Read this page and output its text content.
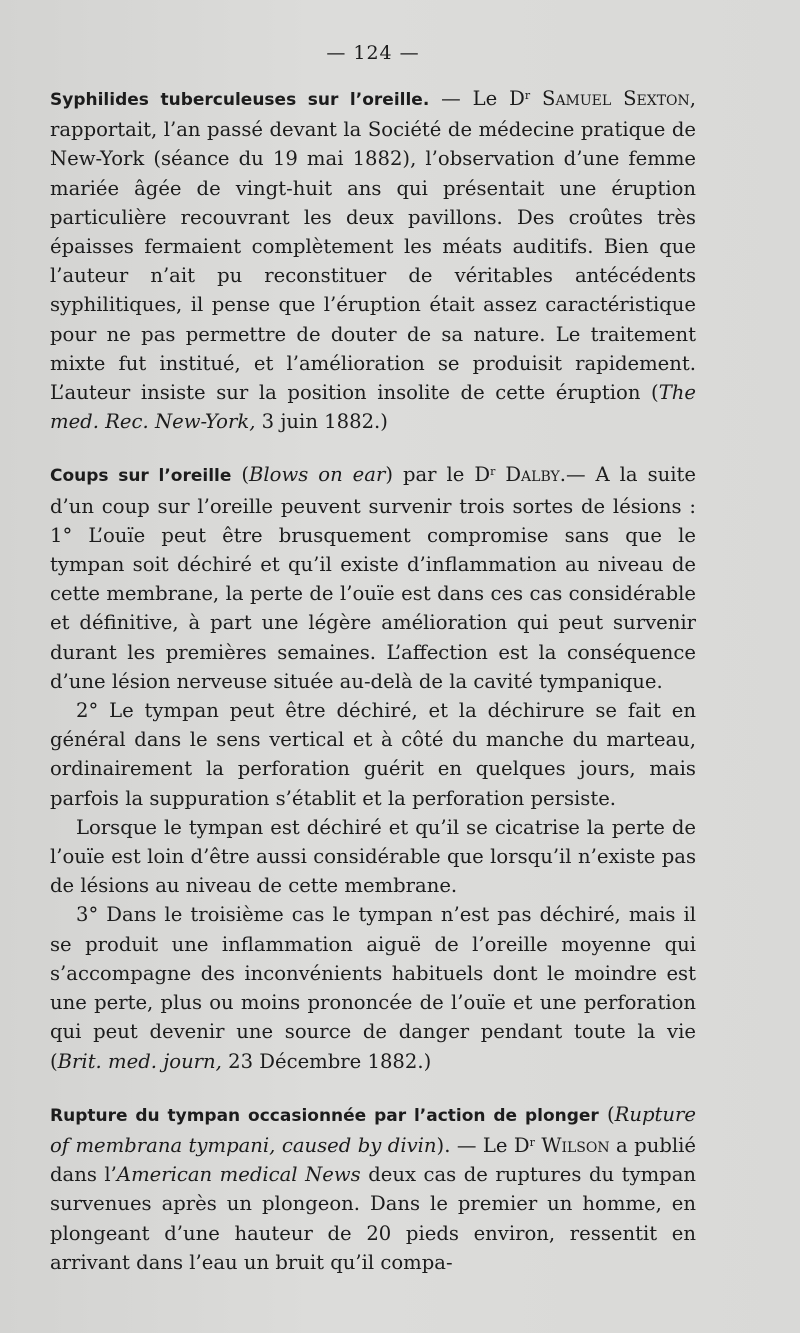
— 124 —

Syphilides tuberculeuses sur l’oreille. — Le $D^r$ Samuel Sexton, rapportait, l’an passé devant la Société de médecine pratique de New-York (séance du 19 mai 1882), l’observation d’une femme mariée âgée de vingt-huit ans qui présentait une éruption particulière recouvrant les deux pavillons. Des croûtes très épaisses fermaient complètement les méats auditifs. Bien que l’auteur n’ait pu reconstituer de véritables antécédents syphilitiques, il pense que l’éruption était assez caractéristique pour ne pas permettre de douter de sa nature. Le traitement mixte fut institué, et l’amélioration se produisit rapidement. L’auteur insiste sur la position insolite de cette éruption (The med. Rec. New-York, 3 juin 1882.)

Coups sur l’oreille (Blows on ear) par le $D^r$ Dalby.— A la suite d’un coup sur l’oreille peuvent survenir trois sortes de lésions : 1° L’ouïe peut être brusquement compromise sans que le tympan soit déchiré et qu’il existe d’inflammation au niveau de cette membrane, la perte de l’ouïe est dans ces cas considérable et définitive, à part une légère amélioration qui peut survenir durant les premières semaines. L’affection est la conséquence d’une lésion nerveuse située au-delà de la cavité tympanique.

2° Le tympan peut être déchiré, et la déchirure se fait en général dans le sens vertical et à côté du manche du marteau, ordinairement la perforation guérit en quelques jours, mais parfois la suppuration s’établit et la perforation persiste.

Lorsque le tympan est déchiré et qu’il se cicatrise la perte de l’ouïe est loin d’être aussi considérable que lorsqu’il n’existe pas de lésions au niveau de cette membrane.

3° Dans le troisième cas le tympan n’est pas déchiré, mais il se produit une inflammation aiguë de l’oreille moyenne qui s’accompagne des inconvénients habituels dont le moindre est une perte, plus ou moins prononcée de l’ouïe et une perforation qui peut devenir une source de danger pendant toute la vie (Brit. med. journ, 23 Décembre 1882.)

Rupture du tympan occasionnée par l’action de plonger (Rupture of membrana tympani, caused by divin). — Le $D^r$ Wilson a publié dans l’American medical News deux cas de ruptures du tympan survenues après un plongeon. Dans le premier un homme, en plongeant d’une hauteur de 20 pieds environ, ressentit en arrivant dans l’eau un bruit qu’il compa-
